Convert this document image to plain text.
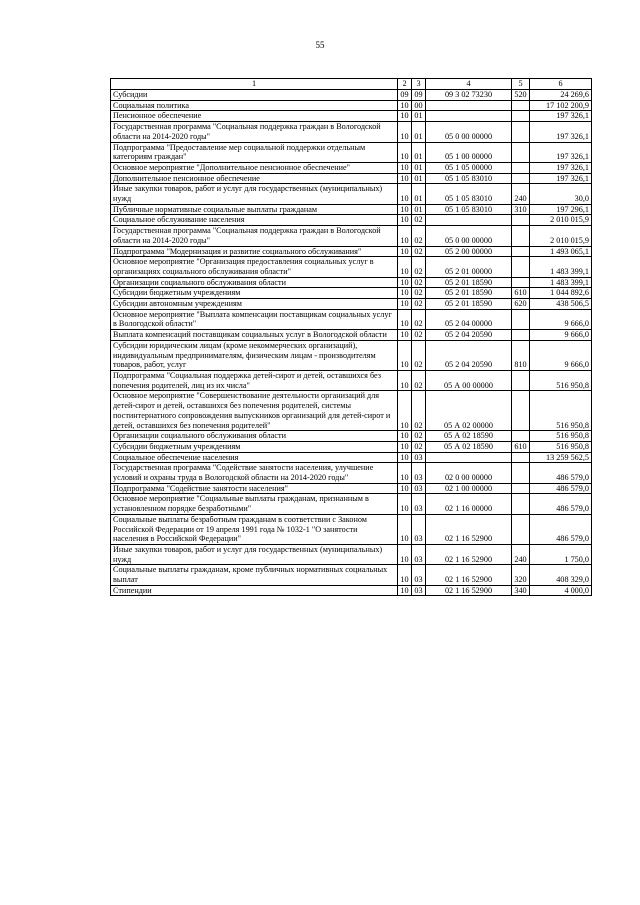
55
1	2	3	4	5	6
Субсидии	09	09	09 3 02 73230	520	24 269,6
Социальная политика	10	00			17 102 200,9
Пенсионное обеспечение	10	01			197 326,1
Государственная программа "Социальная поддержка граждан в Вологодской области на 2014-2020 годы"	10	01	05 0 00 00000		197 326,1
Подпрограмма "Предоставление мер социальной поддержки отдельным категориям граждан"	10	01	05 1 00 00000		197 326,1
Основное мероприятие "Дополнительное пенсионное обеспечение"	10	01	05 1 05 00000		197 326,1
Дополнительное пенсионное обеспечение	10	01	05 1 05 83010		197 326,1
Иные закупки товаров, работ и услуг для государственных (муниципальных) нужд	10	01	05 1 05 83010	240	30,0
Публичные нормативные социальные выплаты гражданам	10	01	05 1 05 83010	310	197 296,1
Социальное обслуживание населения	10	02			2 010 015,9
Государственная программа "Социальная поддержка граждан в Вологодской области на 2014-2020 годы"	10	02	05 0 00 00000		2 010 015,9
Подпрограмма "Модернизация и развитие социального обслуживания"	10	02	05 2 00 00000		1 493 065,1
Основное мероприятие "Организация предоставления социальных услуг в организациях социального обслуживания области"	10	02	05 2 01 00000		1 483 399,1
Организации социального обслуживания области	10	02	05 2 01 18590		1 483 399,1
Субсидии бюджетным учреждениям	10	02	05 2 01 18590	610	1 044 892,6
Субсидии автономным учреждениям	10	02	05 2 01 18590	620	438 506,5
Основное мероприятие "Выплата компенсации поставщикам социальных услуг в Вологодской области"	10	02	05 2 04 00000		9 666,0
Выплата компенсаций поставщикам социальных услуг в Вологодской области	10	02	05 2 04 20590		9 666,0
Субсидии юридическим лицам (кроме некоммерческих организаций), индивидуальным предпринимателям, физическим лицам - производителям товаров, работ, услуг	10	02	05 2 04 20590	810	9 666,0
Подпрограмма "Социальная поддержка детей-сирот и детей, оставшихся без попечения родителей, лиц из их числа"	10	02	05 А 00 00000		516 950,8
Основное мероприятие "Совершенствование деятельности организаций для детей-сирот и детей, оставшихся без попечения родителей, системы постинтернатного сопровождения выпускников организаций для детей-сирот и детей, оставшихся без попечения родителей"	10	02	05 А 02 00000		516 950,8
Организации социального обслуживания области	10	02	05 А 02 18590		516 950,8
Субсидии бюджетным учреждениям	10	02	05 А 02 18590	610	516 950,8
Социальное обеспечение населения	10	03			13 259 562,5
Государственная программа "Содействие занятости населения, улучшение условий и охраны труда в Вологодской области на 2014-2020 годы"	10	03	02 0 00 00000		486 579,0
Подпрограмма "Содействие занятости населения"	10	03	02 1 00 00000		486 579,0
Основное мероприятие "Социальные выплаты гражданам, признанным в установленном порядке безработными"	10	03	02 1 16 00000		486 579,0
Социальные выплаты безработным гражданам в соответствии с Законом Российской Федерации от 19 апреля 1991 года № 1032-1 "О занятости населения в Российской Федерации"	10	03	02 1 16 52900		486 579,0
Иные закупки товаров, работ и услуг для государственных (муниципальных) нужд	10	03	02 1 16 52900	240	1 750,0
Социальные выплаты гражданам, кроме публичных нормативных социальных выплат	10	03	02 1 16 52900	320	408 329,0
Стипендии	10	03	02 1 16 52900	340	4 000,0
